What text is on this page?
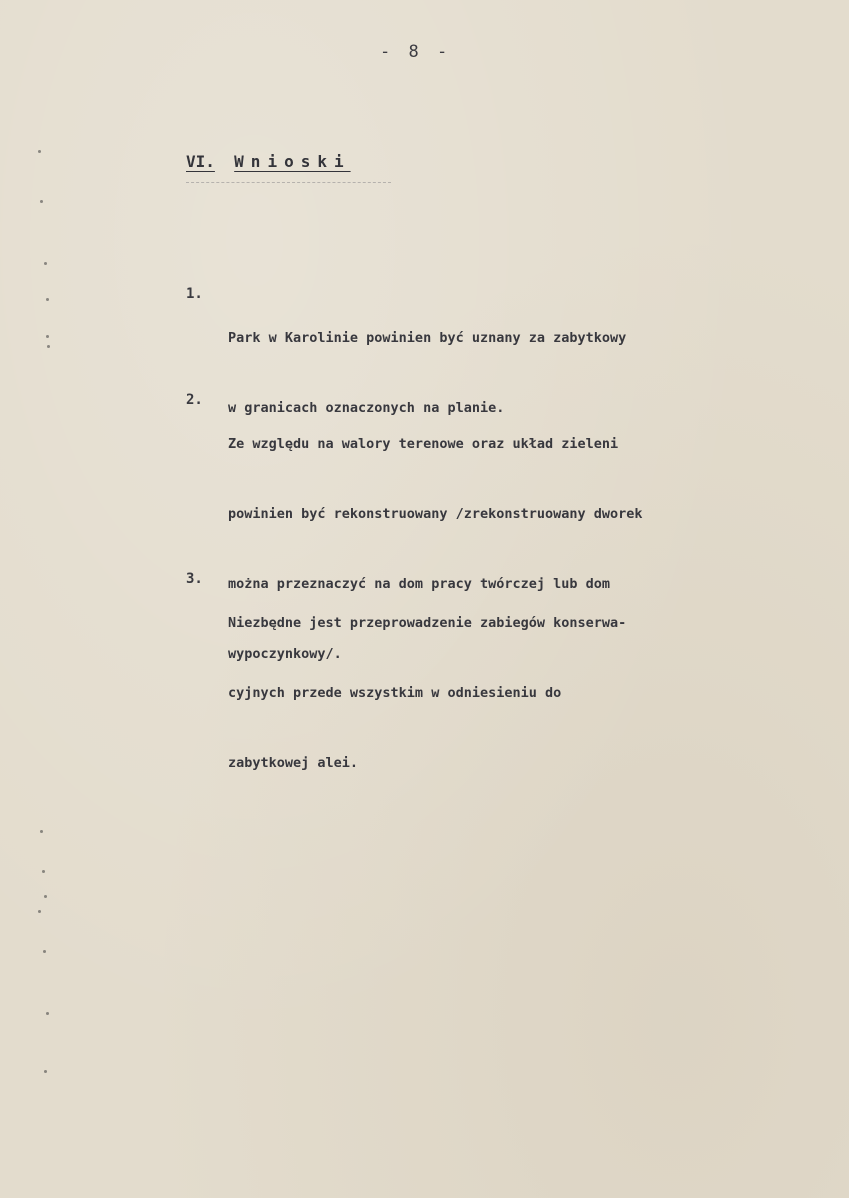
- 8 -
VI. Wnioski
1.

Park w Karolinie powinien być uznany za zabytkowy

w granicach oznaczonych na planie.

2.

Ze względu na walory terenowe oraz układ zieleni

powinien być rekonstruowany /zrekonstruowany dworek

można przeznaczyć na dom pracy twórczej lub dom

wypoczynkowy/.

3.

Niezbędne jest przeprowadzenie zabiegów konserwa-

cyjnych przede wszystkim w odniesieniu do

zabytkowej alei.
